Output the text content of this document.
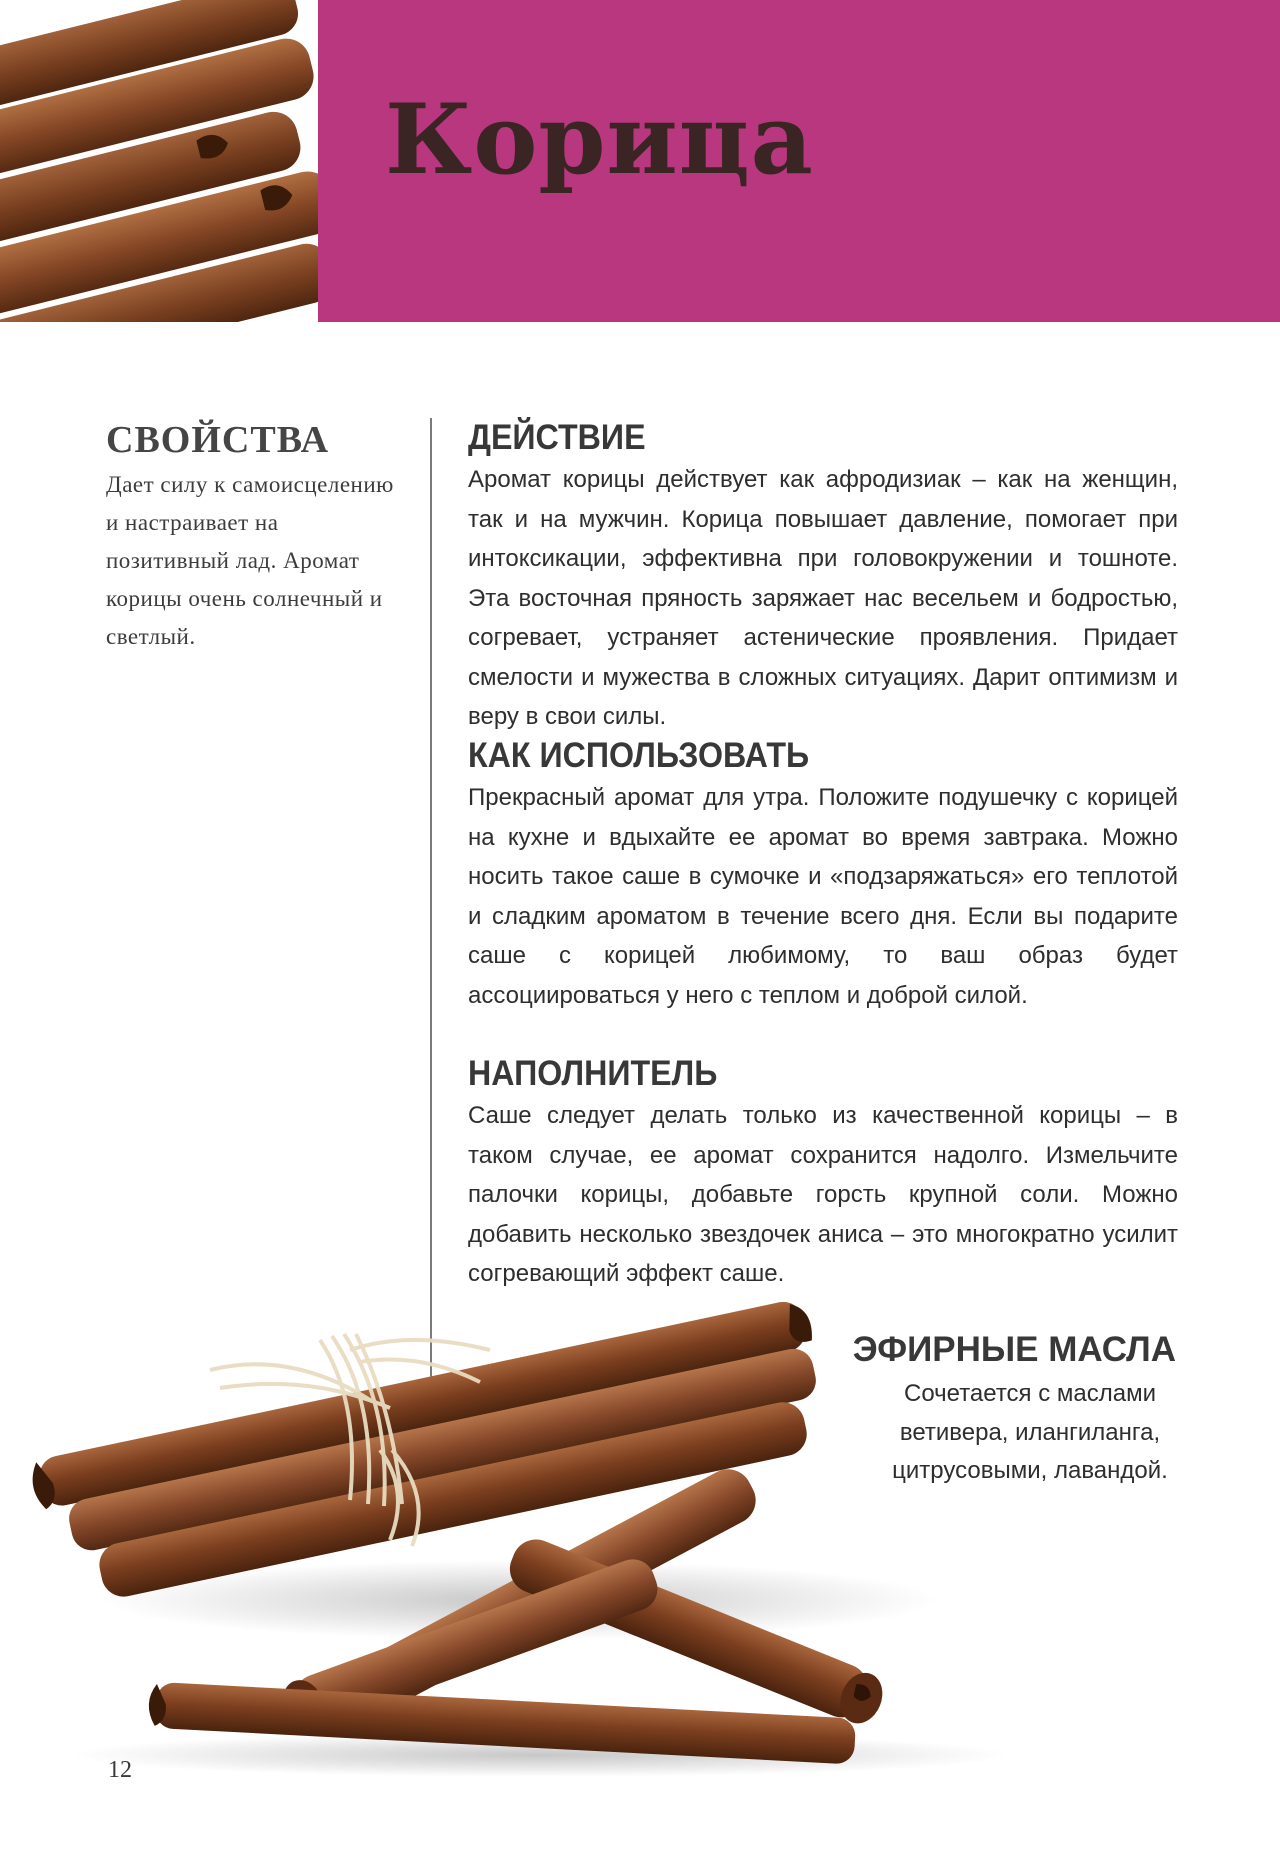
Корица
СВОЙСТВА

Дает силу к самоисцелению и настраивает на позитивный лад. Аромат корицы очень солнечный и светлый.

ДЕЙСТВИЕ

Аромат корицы действует как афродизиак – как на женщин, так и на мужчин. Корица повышает давление, помогает при интоксикации, эффективна при головокружении и тошноте. Эта восточная пряность заряжает нас весельем и бодростью, согревает, устраняет астенические проявления. Придает смелости и мужества в сложных ситуациях. Дарит оптимизм и веру в свои силы.

КАК ИСПОЛЬЗОВАТЬ

Прекрасный аромат для утра. Положите подушечку с корицей на кухне и вдыхайте ее аромат во время завтрака. Можно носить такое саше в сумочке и «подзаряжаться» его теплотой и сладким ароматом в течение всего дня. Если вы подарите саше с корицей любимому, то ваш образ будет ассоциироваться у него с теплом и доброй силой.

НАПОЛНИТЕЛЬ

Саше следует делать только из качественной корицы – в таком случае, ее аромат сохранится надолго. Измельчите палочки корицы, добавьте горсть крупной соли. Можно добавить несколько звездочек аниса – это многократно усилит согревающий эффект саше.

ЭФИРНЫЕ МАСЛА

Сочетается с маслами ветивера, илангиланга, цитрусовыми, лавандой.

12
